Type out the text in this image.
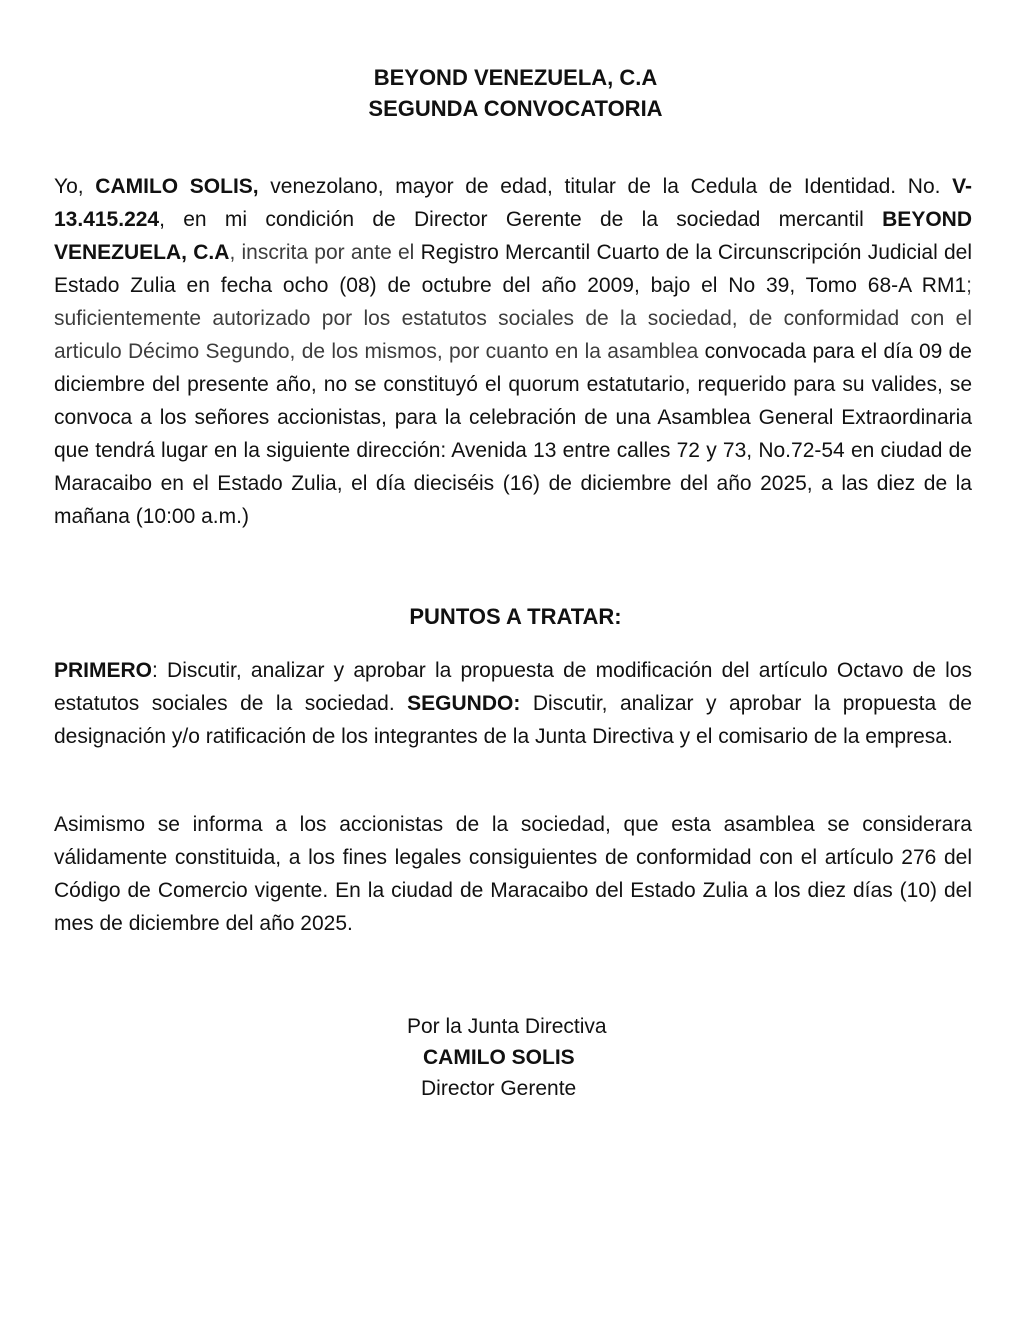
BEYOND VENEZUELA, C.A
SEGUNDA CONVOCATORIA

Yo, CAMILO SOLIS, venezolano, mayor de edad, titular de la Cedula de Identidad. No. V-13.415.224, en mi condición de Director Gerente de la sociedad mercantil BEYOND VENEZUELA, C.A, inscrita por ante el Registro Mercantil Cuarto de la Circunscripción Judicial del Estado Zulia en fecha ocho (08) de octubre del año 2009, bajo el No 39, Tomo 68-A RM1; suficientemente autorizado por los estatutos sociales de la sociedad, de conformidad con el articulo Décimo Segundo, de los mismos, por cuanto en la asamblea convocada para el día 09 de diciembre del presente año, no se constituyó el quorum estatutario, requerido para su valides, se convoca a los señores accionistas, para la celebración de una Asamblea General Extraordinaria que tendrá lugar en la siguiente dirección: Avenida 13 entre calles 72 y 73, No.72-54 en ciudad de Maracaibo en el Estado Zulia, el día dieciséis (16) de diciembre del año 2025, a las diez de la mañana (10:00 a.m.)

PUNTOS A TRATAR:

PRIMERO: Discutir, analizar y aprobar la propuesta de modificación del artículo Octavo de los estatutos sociales de la sociedad. SEGUNDO: Discutir, analizar y aprobar la propuesta de designación y/o ratificación de los integrantes de la Junta Directiva y el comisario de la empresa.

Asimismo se informa a los accionistas de la sociedad, que esta asamblea se considerara válidamente constituida, a los fines legales consiguientes de conformidad con el artículo 276 del Código de Comercio vigente. En la ciudad de Maracaibo del Estado Zulia a los diez días (10) del mes de diciembre del año 2025.

Por la Junta Directiva
CAMILO SOLIS
Director Gerente
